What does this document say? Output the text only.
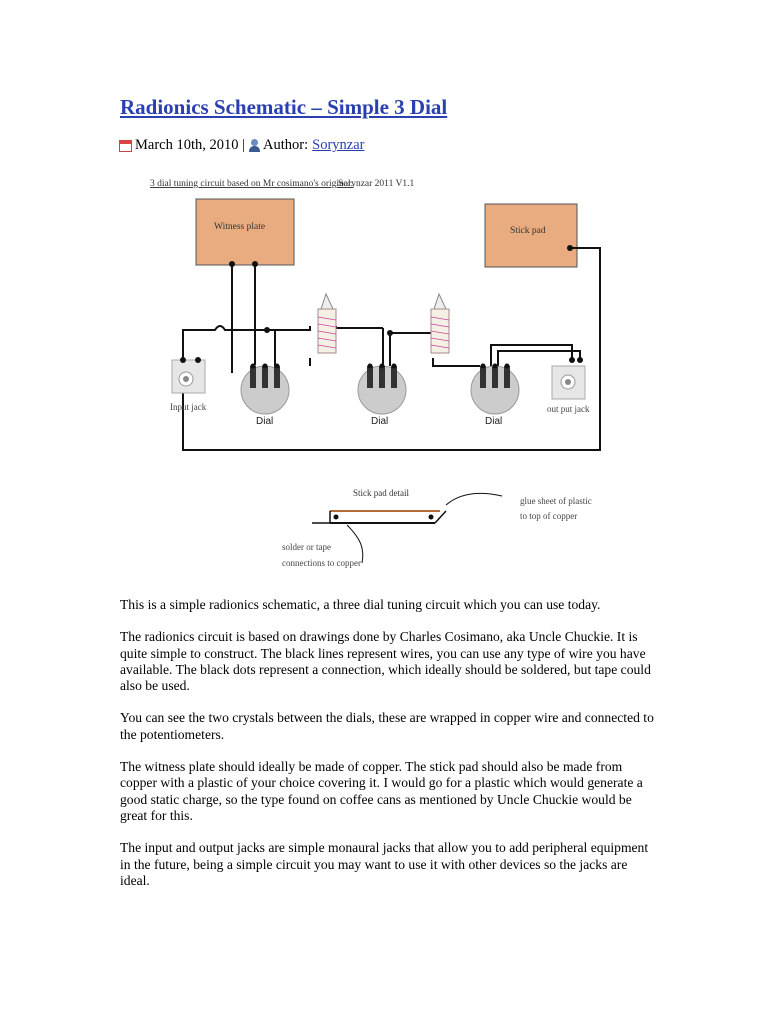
Radionics Schematic – Simple 3 Dial
March 10th, 2010 | Author: Sorynzar
3 dial tuning circuit based on Mr cosimano's original:
Sorynzar 2011 V1.1
Witness plate	Stick pad
Dial	Dial	Dial
Input jack	out put jack
Stick pad detail
glue sheet of plastic
to top of copper
solder or tape
connections to copper

This is a simple radionics schematic, a three dial tuning circuit which you can use today.

The radionics circuit is based on drawings done by Charles Cosimano, aka Uncle Chuckie. It is quite simple to construct. The black lines represent wires, you can use any type of wire you have available. The black dots represent a connection, which ideally should be soldered, but tape could also be used.

You can see the two crystals between the dials, these are wrapped in copper wire and connected to the potentiometers.

The witness plate should ideally be made of copper. The stick pad should also be made from copper with a plastic of your choice covering it. I would go for a plastic which would generate a good static charge, so the type found on coffee cans as mentioned by Uncle Chuckie would be great for this.

The input and output jacks are simple monaural jacks that allow you to add peripheral equipment in the future, being a simple circuit you may want to use it with other devices so the jacks are ideal.
